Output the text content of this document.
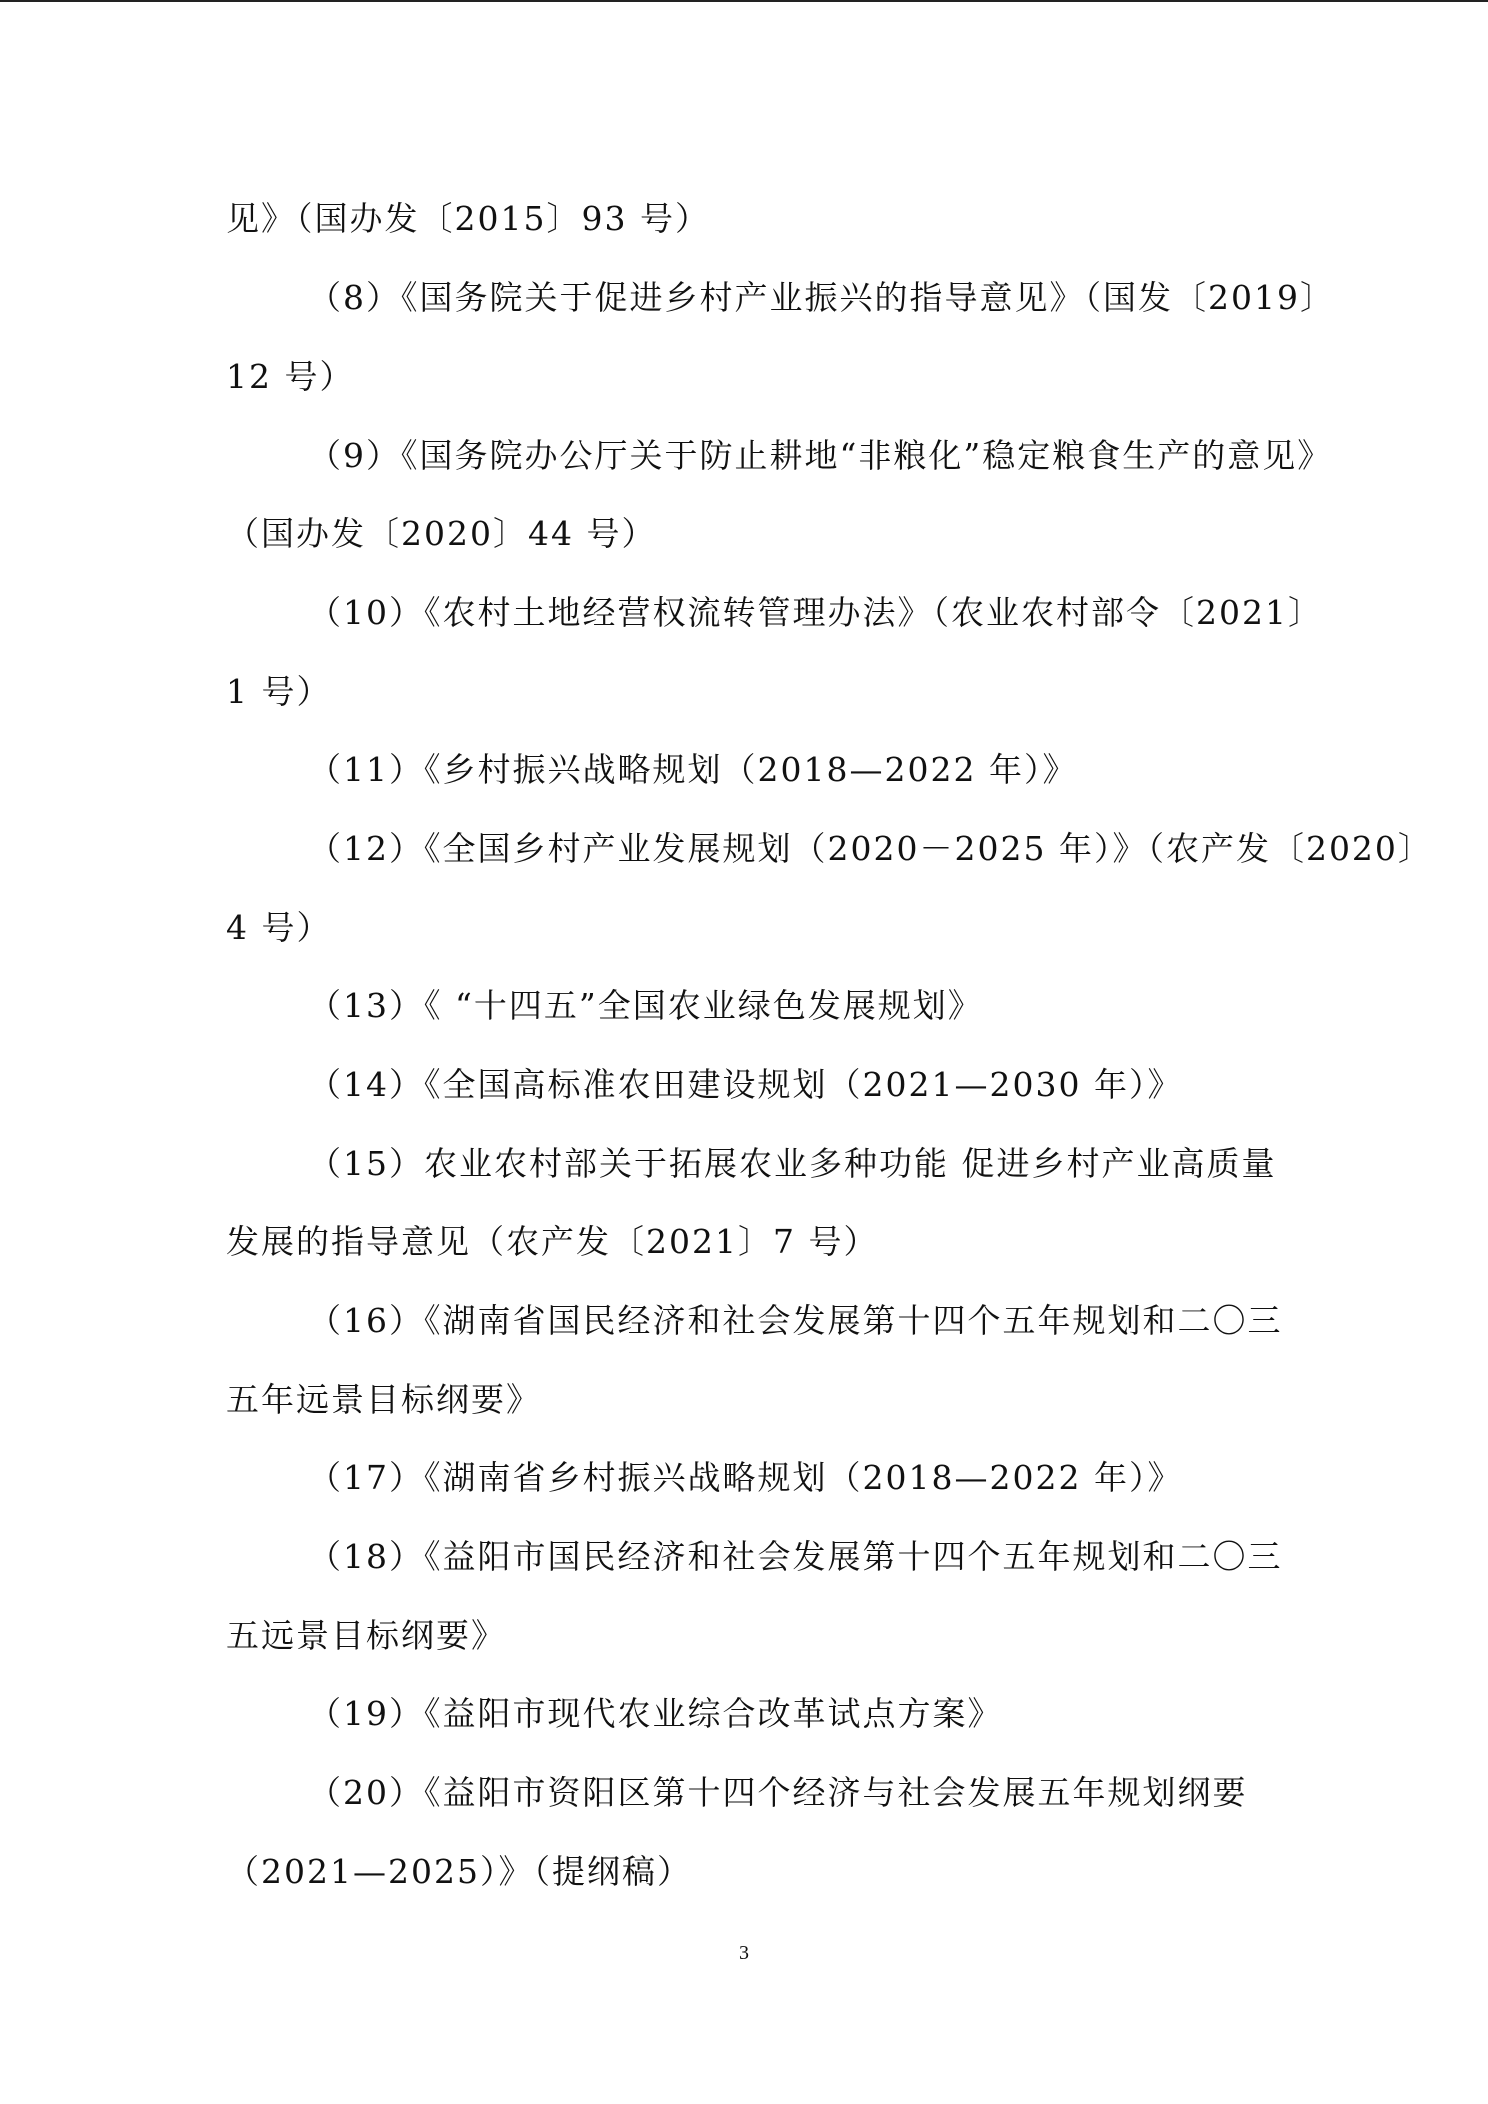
见》（国办发〔2015〕93 号）
（8）《国务院关于促进乡村产业振兴的指导意见》（国发〔2019〕
12 号）
（9）《国务院办公厅关于防止耕地“非粮化”稳定粮食生产的意见》
（国办发〔2020〕44 号）
（10）《农村土地经营权流转管理办法》（农业农村部令〔2021〕
1 号）
（11）《乡村振兴战略规划（2018—2022 年）》
（12）《全国乡村产业发展规划（2020－2025 年）》（农产发〔2020〕
4 号）
（13）《 “十四五”全国农业绿色发展规划》
（14）《全国高标准农田建设规划（2021—2030 年）》
（15）农业农村部关于拓展农业多种功能 促进乡村产业高质量
发展的指导意见（农产发〔2021〕7 号）
（16）《湖南省国民经济和社会发展第十四个五年规划和二〇三
五年远景目标纲要》
（17）《湖南省乡村振兴战略规划（2018—2022 年）》
（18）《益阳市国民经济和社会发展第十四个五年规划和二〇三
五远景目标纲要》
（19）《益阳市现代农业综合改革试点方案》
（20）《益阳市资阳区第十四个经济与社会发展五年规划纲要
（2021—2025）》（提纲稿）
3
